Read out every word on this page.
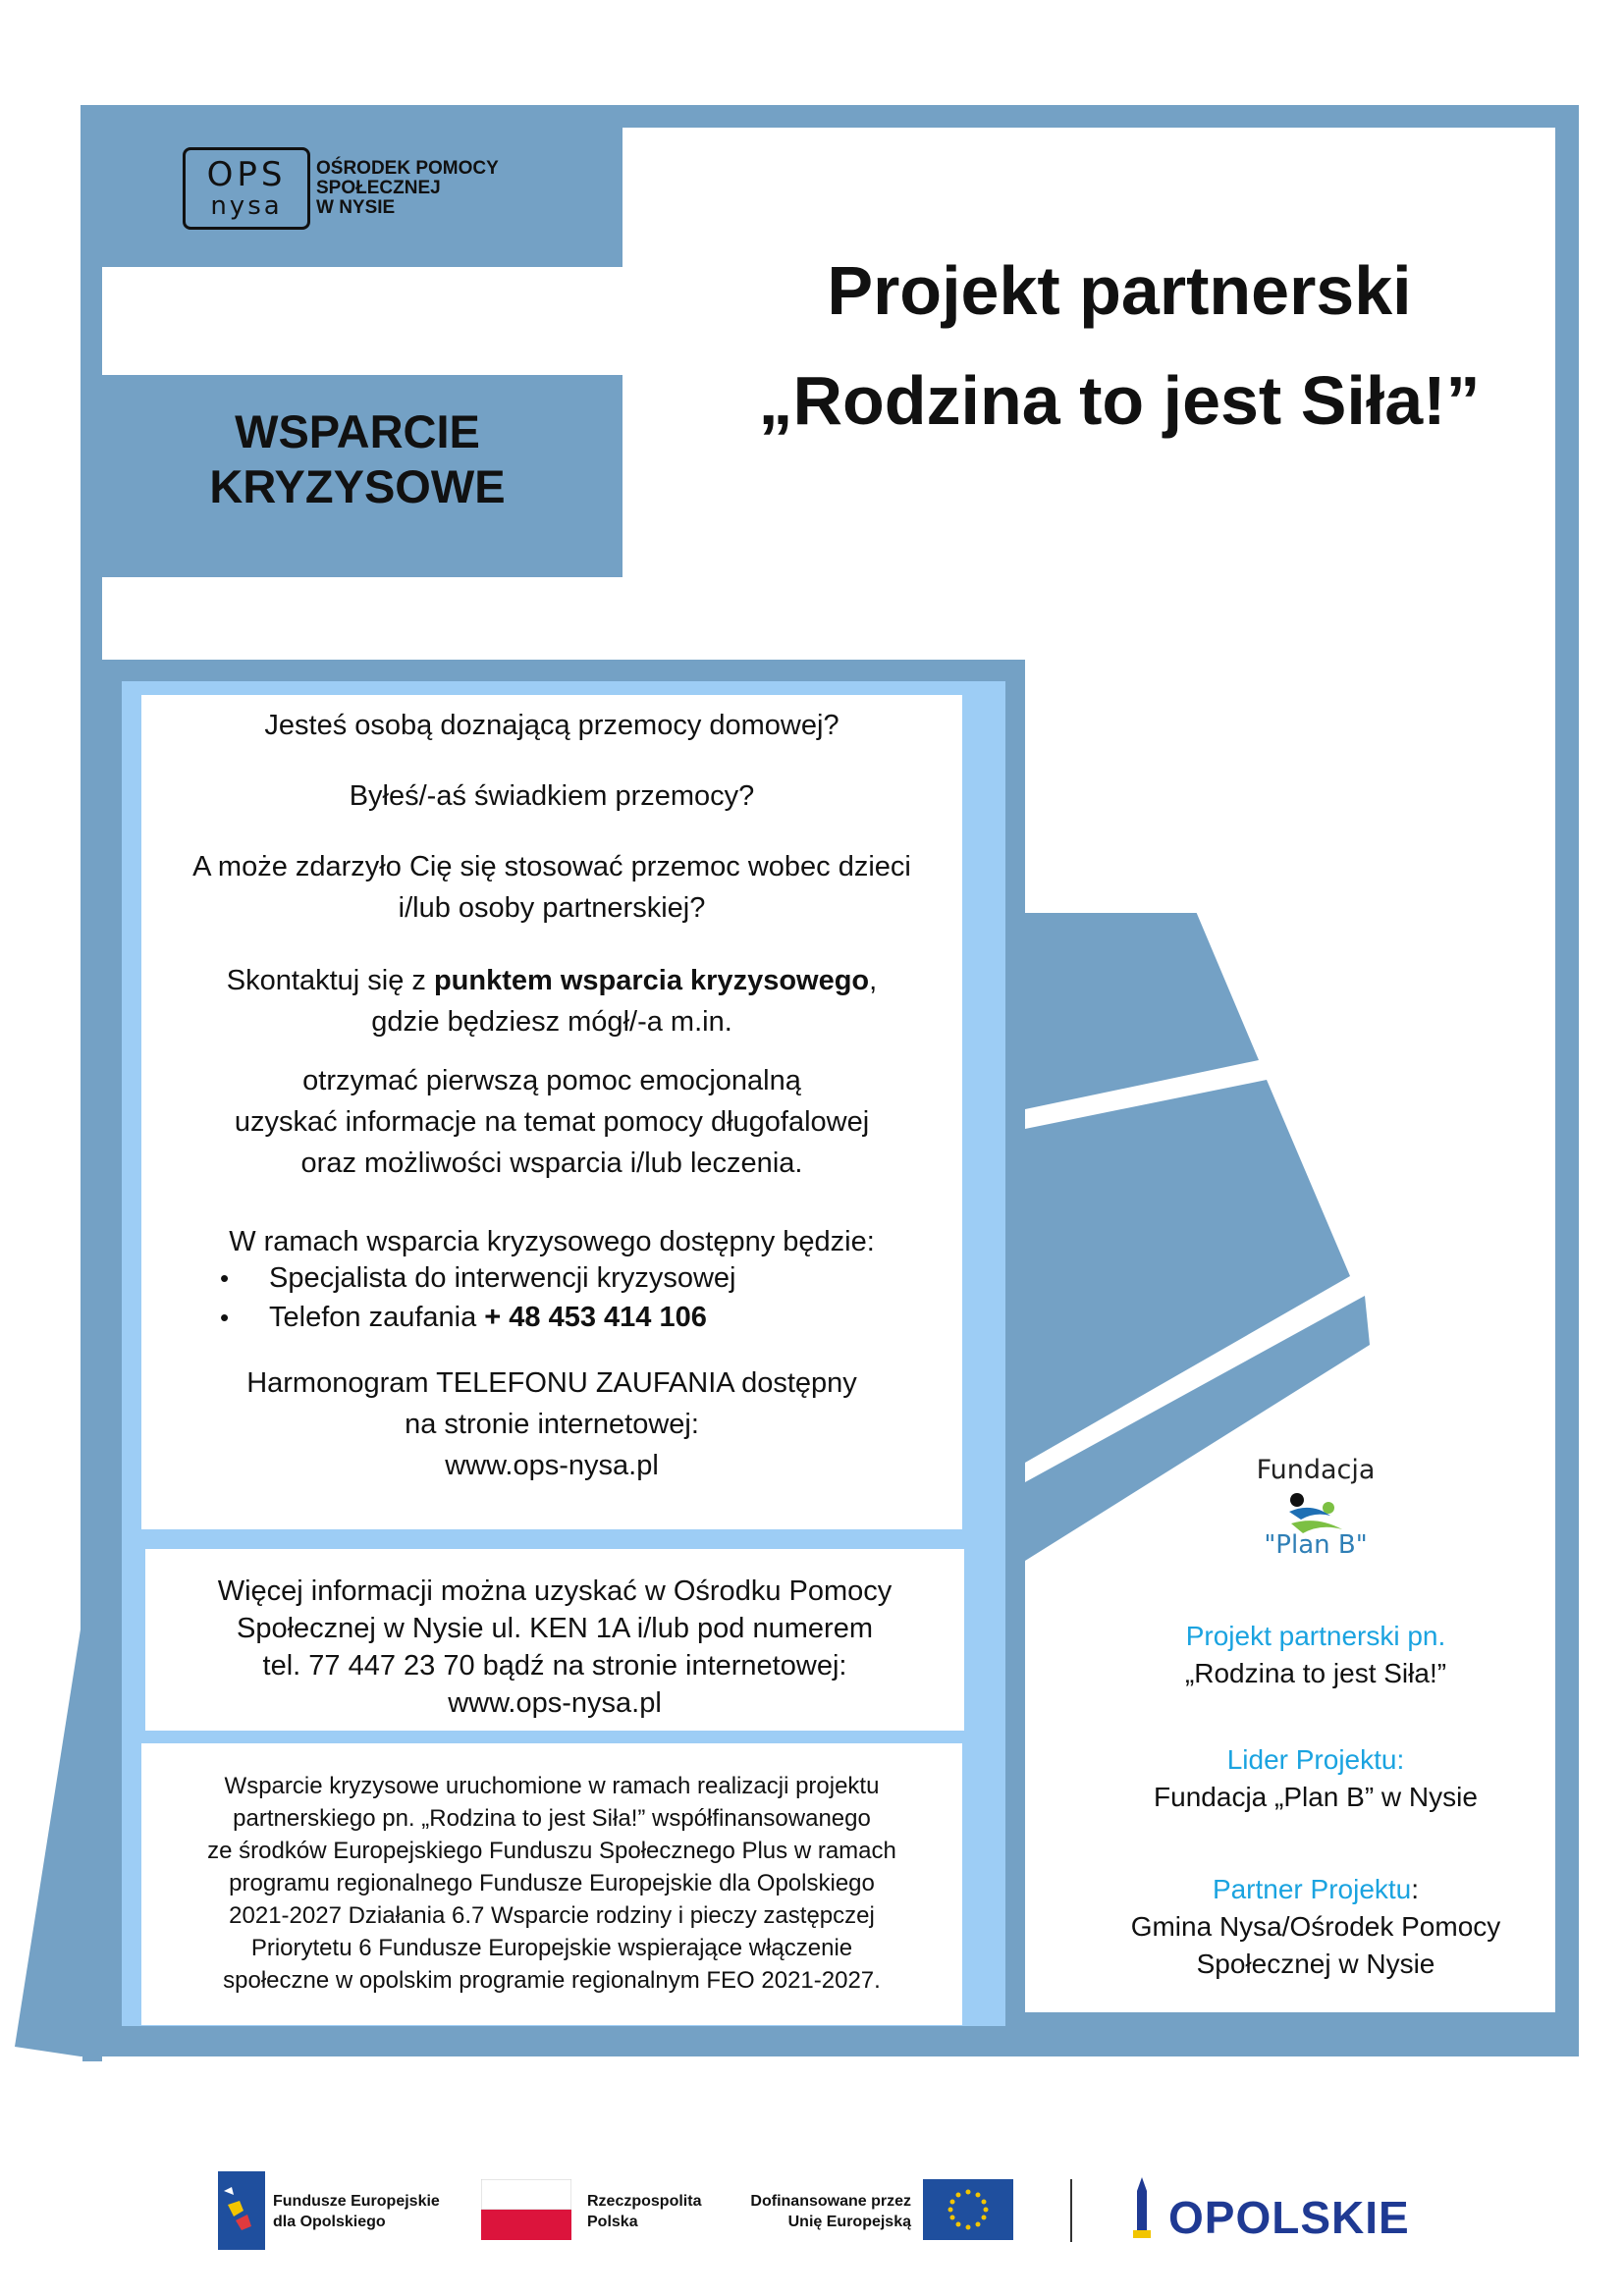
OPS
nysa
OŚRODEK POMOCY
SPOŁECZNEJ
W NYSIE
WSPARCIE
KRYZYSOWE
Projekt partnerski
„Rodzina to jest Siła!”
Jesteś osobą doznającą przemocy domowej?
Byłeś/-aś świadkiem przemocy?
A może zdarzyło Cię się stosować przemoc wobec dzieci
i/lub osoby partnerskiej?
Skontaktuj się z punktem wsparcia kryzysowego,
gdzie będziesz mógł/-a m.in.
otrzymać pierwszą pomoc emocjonalną
uzyskać informacje na temat pomocy długofalowej
oraz możliwości wsparcia i/lub leczenia.
W ramach wsparcia kryzysowego dostępny będzie:
• Specjalista do interwencji kryzysowej
• Telefon zaufania + 48 453 414 106
Harmonogram TELEFONU ZAUFANIA dostępny
na stronie internetowej:
www.ops-nysa.pl
Więcej informacji można uzyskać w Ośrodku Pomocy
Społecznej w Nysie ul. KEN 1A i/lub pod numerem
tel. 77 447 23 70 bądź na stronie internetowej:
www.ops-nysa.pl
Wsparcie kryzysowe uruchomione w ramach realizacji projektu
partnerskiego pn. „Rodzina to jest Siła!” współfinansowanego
ze środków Europejskiego Funduszu Społecznego Plus w ramach
programu regionalnego Fundusze Europejskie dla Opolskiego
2021-2027 Działania 6.7 Wsparcie rodziny i pieczy zastępczej
Priorytetu 6 Fundusze Europejskie wspierające włączenie
społeczne w opolskim programie regionalnym FEO 2021-2027.
Fundacja
"Plan B"
Projekt partnerski pn.
„Rodzina to jest Siła!”
Lider Projektu:
Fundacja „Plan B” w Nysie
Partner Projektu:
Gmina Nysa/Ośrodek Pomocy
Społecznej w Nysie
Fundusze Europejskie
dla Opolskiego
Rzeczpospolita
Polska
Dofinansowane przez
Unię Europejską	OPOLSKIE
